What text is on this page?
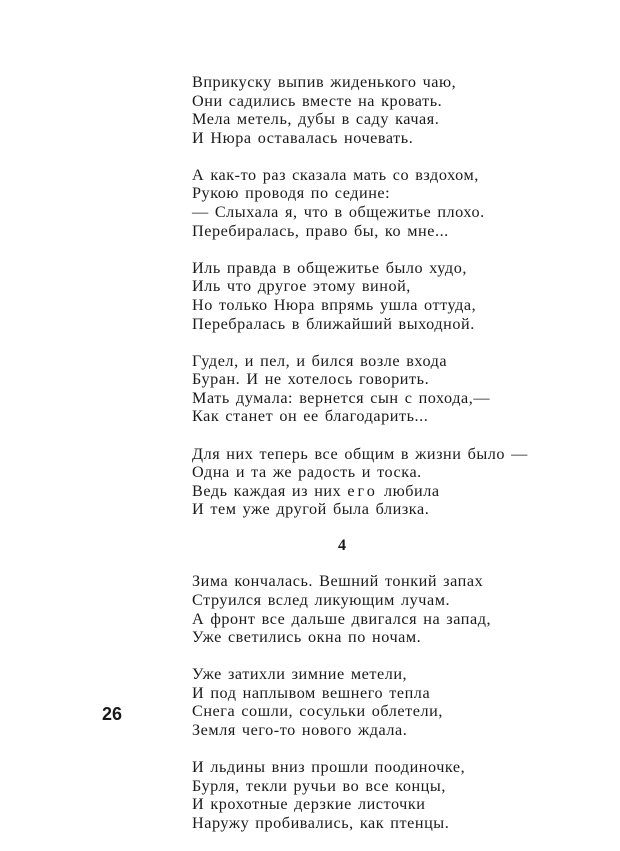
Вприкуску выпив жиденького чаю,
Они садились вместе на кровать.
Мела метель, дубы в саду качая.
И Нюра оставалась ночевать.
А как-то раз сказала мать со вздохом,
Рукою проводя по седине:
— Слыхала я, что в общежитье плохо.
Перебиралась, право бы, ко мне...
Иль правда в общежитье было худо,
Иль что другое этому виной,
Но только Нюра впрямь ушла оттуда,
Перебралась в ближайший выходной.
Гудел, и пел, и бился возле входа
Буран. И не хотелось говорить.
Мать думала: вернется сын с похода,—
Как станет он ее благодарить...
Для них теперь все общим в жизни было —
Одна и та же радость и тоска.
Ведь каждая из них его любила
И тем уже другой была близка.
4
Зима кончалась. Вешний тонкий запах
Струился вслед ликующим лучам.
А фронт все дальше двигался на запад,
Уже светились окна по ночам.
Уже затихли зимние метели,
И под наплывом вешнего тепла
Снега сошли, сосульки облетели,
Земля чего-то нового ждала.
И льдины вниз прошли поодиночке,
Бурля, текли ручьи во все концы,
И крохотные дерзкие листочки
Наружу пробивались, как птенцы.
26
